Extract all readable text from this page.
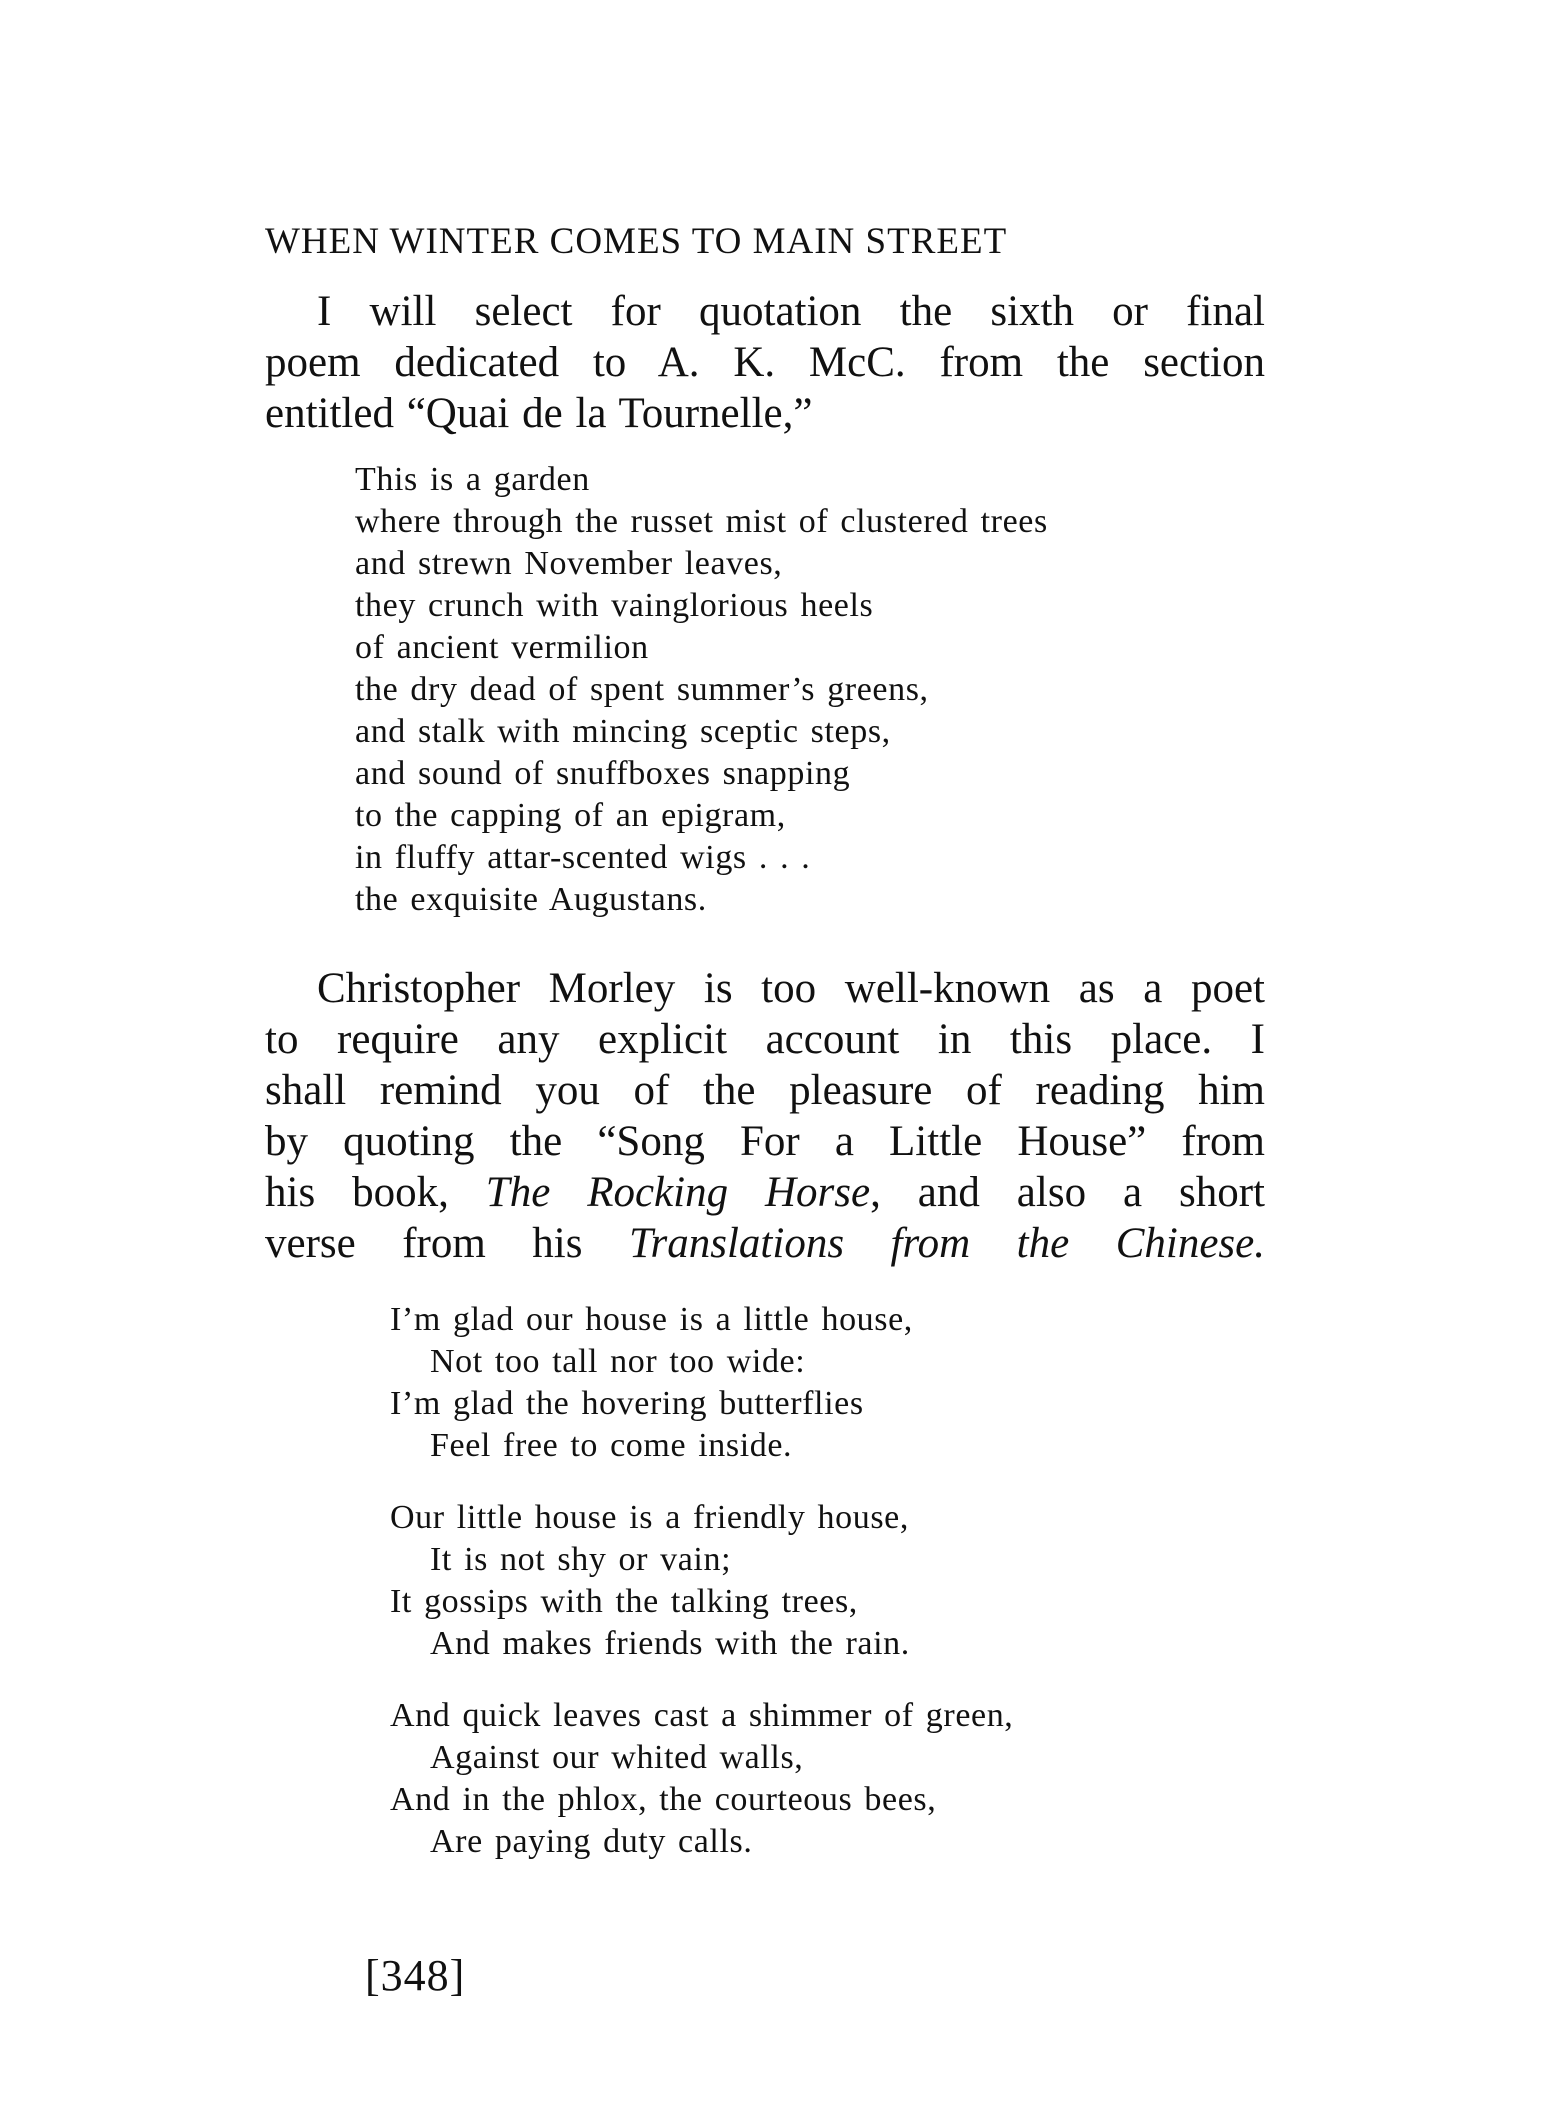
WHEN WINTER COMES TO MAIN STREET
I will select for quotation the sixth or final
poem dedicated to A. K. McC. from the section
entitled “Quai de la Tournelle,”
This is a garden
where through the russet mist of clustered trees
and strewn November leaves,
they crunch with vainglorious heels
of ancient vermilion
the dry dead of spent summer’s greens,
and stalk with mincing sceptic steps,
and sound of snuffboxes snapping
to the capping of an epigram,
in fluffy attar-scented wigs . . .
the exquisite Augustans.
Christopher Morley is too well-known as a poet
to require any explicit account in this place. I
shall remind you of the pleasure of reading him
by quoting the “Song For a Little House” from
his book, The Rocking Horse, and also a short
verse from his Translations from the Chinese.
I’m glad our house is a little house,
Not too tall nor too wide:
I’m glad the hovering butterflies
Feel free to come inside.
Our little house is a friendly house,
It is not shy or vain;
It gossips with the talking trees,
And makes friends with the rain.
And quick leaves cast a shimmer of green,
Against our whited walls,
And in the phlox, the courteous bees,
Are paying duty calls.
[348]
